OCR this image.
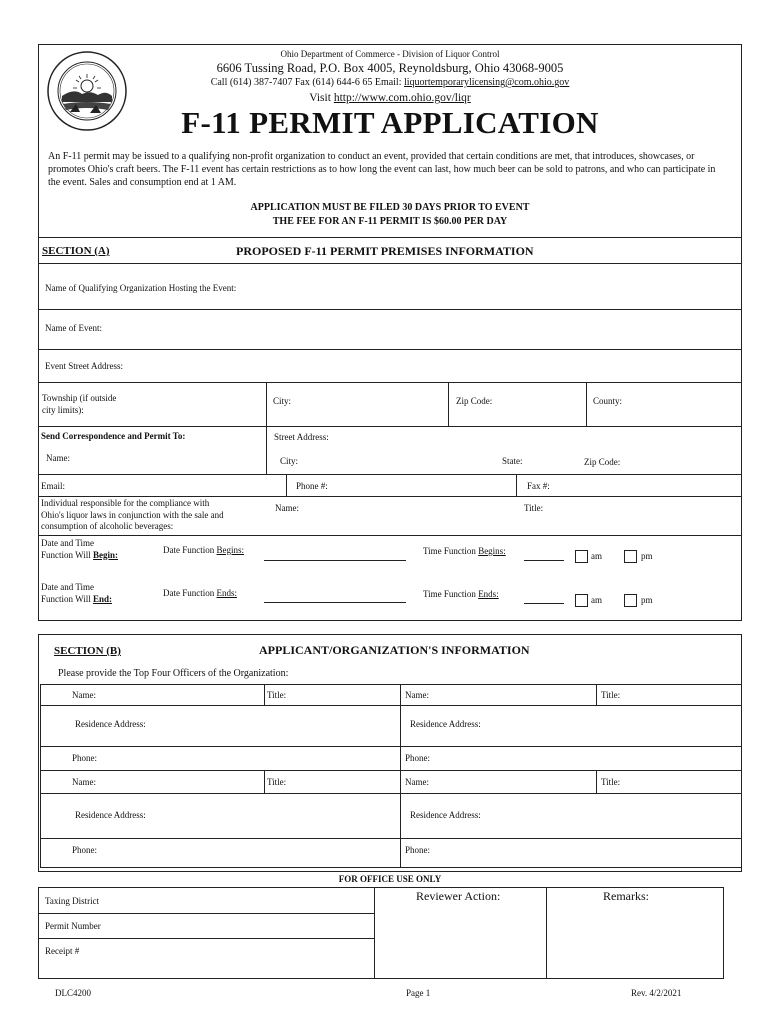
Ohio Department of Commerce - Division of Liquor Control
6606 Tussing Road, P.O. Box 4005, Reynoldsburg, Ohio 43068-9005
Call (614) 387-7407 Fax (614) 644-6 65 Email: liquortemporarylicensing@com.ohio.gov
Visit http://www.com.ohio.gov/liqr
F-11 PERMIT APPLICATION
An F-11 permit may be issued to a qualifying non-profit organization to conduct an event, provided that certain conditions are met, that introduces, showcases, or promotes Ohio's craft beers. The F-11 event has certain restrictions as to how long the event can last, how much beer can be sold to patrons, and who can participate in the event. Sales and consumption end at 1 AM.
APPLICATION MUST BE FILED 30 DAYS PRIOR TO EVENT
THE FEE FOR AN F-11 PERMIT IS $60.00 PER DAY
SECTION (A)	PROPOSED F-11 PERMIT PREMISES INFORMATION
Name of Qualifying Organization Hosting the Event:
Name of Event:
Event Street Address:
Township (if outside
city limits):
City:	Zip Code:	County:
Send Correspondence and Permit To:	Street Address:
Name:	City:	State:	Zip Code:
Email:	Phone #:	Fax #:
Individual responsible for the compliance with
Ohio's liquor laws in conjunction with the sale and
consumption of alcoholic beverages:
Name:	Title:
Date and Time
Function Will Begin:	Date Function Begins:	Time Function Begins:	am	pm
Date and Time
Function Will End:
Date Function Ends:	Time Function Ends:
am	pm
SECTION (B)	APPLICANT/ORGANIZATION'S INFORMATION
Please provide the Top Four Officers of the Organization:
Name:	Title:	Name:	Title:
Residence Address:	Residence Address:
Phone:	Phone:
Name:	Title:	Name:	Title:
Residence Address:	Residence Address:
Phone:	Phone:
FOR OFFICE USE ONLY
Taxing District
Permit Number
Receipt #
Reviewer Action:	Remarks:
DLC4200	Page 1	Rev. 4/2/2021
